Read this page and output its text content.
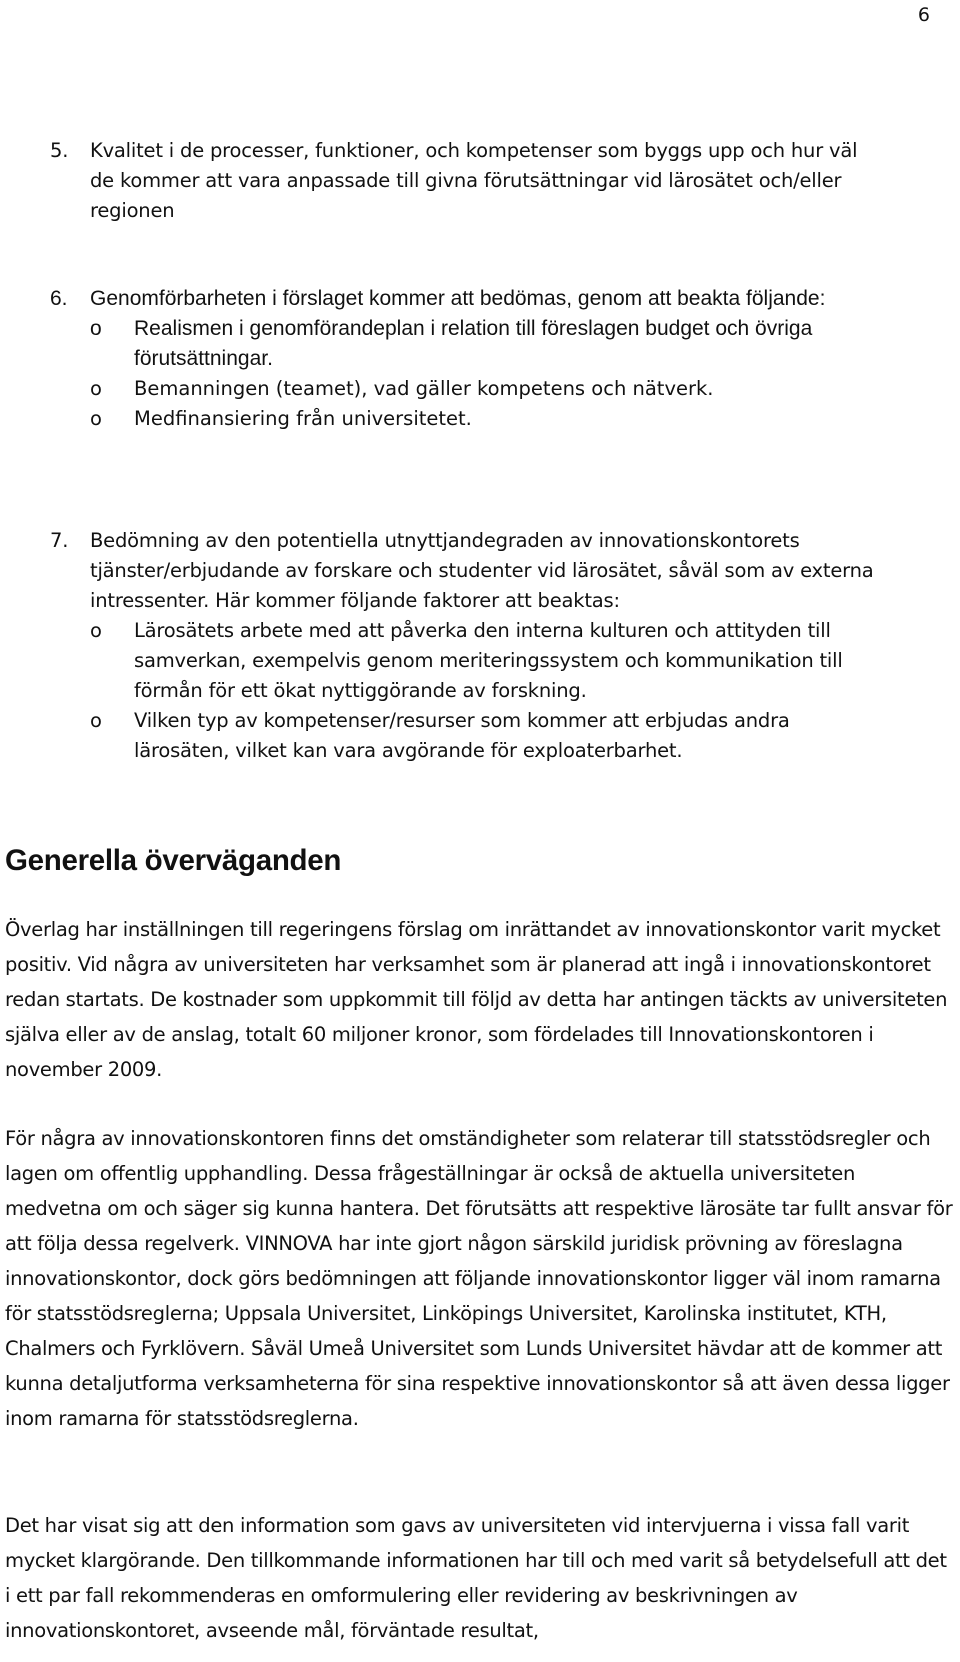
6
5. Kvalitet i de processer, funktioner, och kompetenser som byggs upp och hur väl de kommer att vara anpassade till givna förutsättningar vid lärosätet och/eller regionen
6. Genomförbarheten i förslaget kommer att bedömas, genom att beakta följande:
o Realismen i genomförandeplan i relation till föreslagen budget och övriga förutsättningar.
o Bemanningen (teamet), vad gäller kompetens och nätverk.
o Medfinansiering från universitetet.
7. Bedömning av den potentiella utnyttjandegraden av innovationskontorets tjänster/erbjudande av forskare och studenter vid lärosätet, såväl som av externa intressenter. Här kommer följande faktorer att beaktas:
o Lärosätets arbete med att påverka den interna kulturen och attityden till samverkan, exempelvis genom meriteringssystem och kommunikation till förmån för ett ökat nyttiggörande av forskning.
o Vilken typ av kompetenser/resurser som kommer att erbjudas andra lärosäten, vilket kan vara avgörande för exploaterbarhet.
Generella överväganden
Överlag har inställningen till regeringens förslag om inrättandet av innovationskontor varit mycket positiv. Vid några av universiteten har verksamhet som är planerad att ingå i innovationskontoret redan startats. De kostnader som uppkommit till följd av detta har antingen täckts av universiteten själva eller av de anslag, totalt 60 miljoner kronor, som fördelades till Innovationskontoren i november 2009.
För några av innovationskontoren finns det omständigheter som relaterar till statsstödsregler och lagen om offentlig upphandling. Dessa frågeställningar är också de aktuella universiteten medvetna om och säger sig kunna hantera. Det förutsätts att respektive lärosäte tar fullt ansvar för att följa dessa regelverk. VINNOVA har inte gjort någon särskild juridisk prövning av föreslagna innovationskontor, dock görs bedömningen att följande innovationskontor ligger väl inom ramarna för statsstödsreglerna; Uppsala Universitet, Linköpings Universitet, Karolinska institutet, KTH, Chalmers och Fyrklövern. Såväl Umeå Universitet som Lunds Universitet hävdar att de kommer att kunna detaljutforma verksamheterna för sina respektive innovationskontor så att även dessa ligger inom ramarna för statsstödsreglerna.
Det har visat sig att den information som gavs av universiteten vid intervjuerna i vissa fall varit mycket klargörande. Den tillkommande informationen har till och med varit så betydelsefull att det i ett par fall rekommenderas en omformulering eller revidering av beskrivningen av innovationskontoret, avseende mål, förväntade resultat,
